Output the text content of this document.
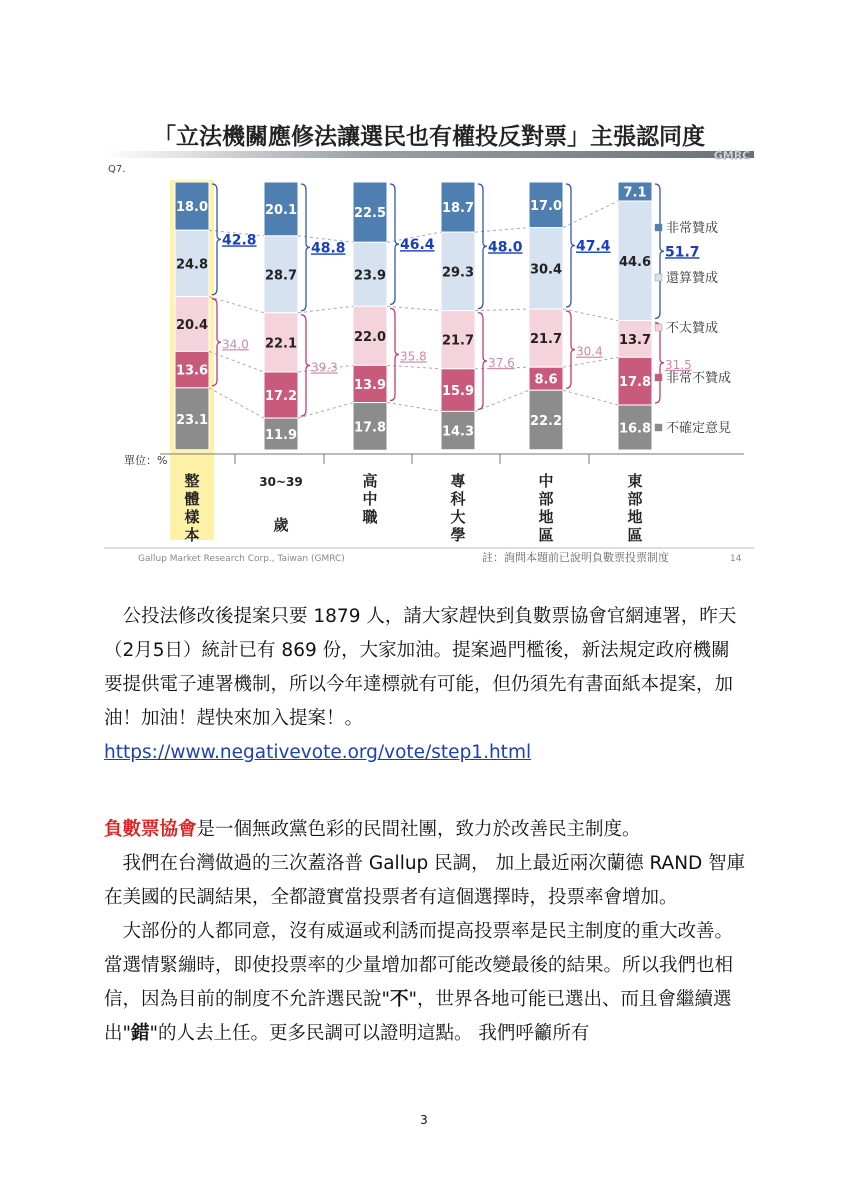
「立法機關應修法讓選民也有權投反對票」主張認同度
GMRC
Q7.
單位：%
18.0
24.8
20.4
13.6
23.1
20.1
28.7
22.1
17.2
11.9
22.5
23.9
22.0
13.9
17.8
18.7
29.3
21.7
15.9
14.3
17.0
30.4
21.7
8.6
22.2
7.1
44.6
13.7
17.8
16.8
42.8
34.0
48.8
39.3
46.4
35.8
48.0
37.6
47.4
30.4
51.7
31.5
非常贊成
還算贊成
不太贊成
非常不贊成
不確定意見
整體樣本
30~39 歲
高中職
專科大學
中部地區
東部地區
Gallup Market Research Corp., Taiwan (GMRC)	註：詢問本題前已說明負數票投票制度	14

公投法修改後提案只要 1879 人，請大家趕快到負數票協會官網連署，昨天（2月5日）統計已有 869 份，大家加油。提案過門檻後，新法規定政府機關要提供電子連署機制，所以今年達標就有可能，但仍須先有書面紙本提案，加油！加油！趕快來加入提案！。

https://www.negativevote.org/vote/step1.html

負數票協會是一個無政黨色彩的民間社團，致力於改善民主制度。

我們在台灣做過的三次蓋洛普 Gallup 民調， 加上最近兩次蘭德 RAND 智庫在美國的民調結果，全都證實當投票者有這個選擇時，投票率會增加。

大部份的人都同意，沒有威逼或利誘而提高投票率是民主制度的重大改善。當選情緊繃時，即使投票率的少量增加都可能改變最後的結果。所以我們也相信，因為目前的制度不允許選民說"不"，世界各地可能已選出、而且會繼續選出"錯"的人去上任。更多民調可以證明這點。 我們呼籲所有

3
